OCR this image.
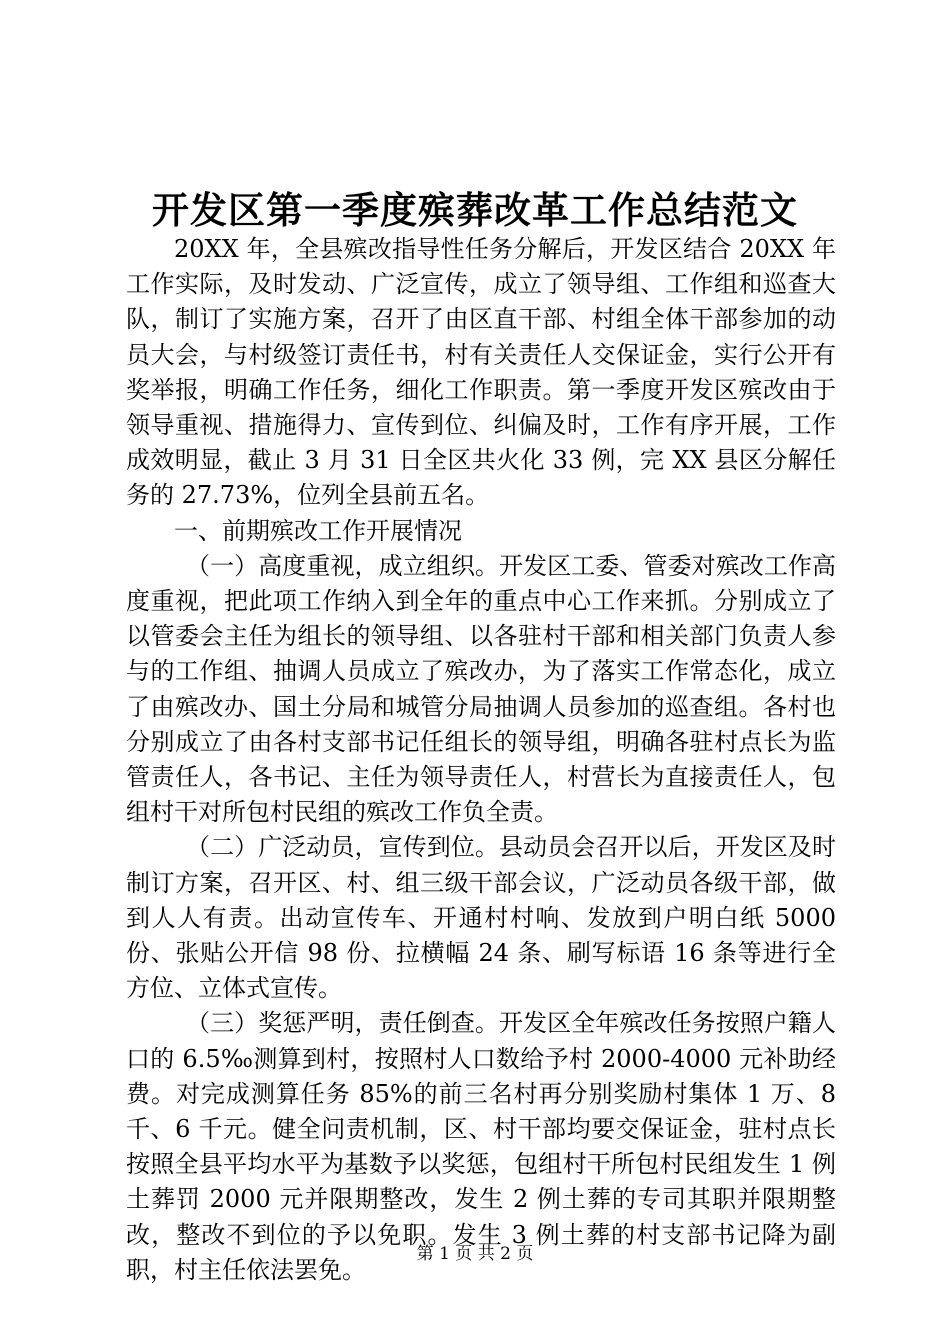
开发区第一季度殡葬改革工作总结范文

20XX 年，全县殡改指导性任务分解后，开发区结合 20XX 年工作实际，及时发动、广泛宣传，成立了领导组、工作组和巡查大队，制订了实施方案，召开了由区直干部、村组全体干部参加的动员大会，与村级签订责任书，村有关责任人交保证金，实行公开有奖举报，明确工作任务，细化工作职责。第一季度开发区殡改由于领导重视、措施得力、宣传到位、纠偏及时，工作有序开展，工作成效明显，截止 3 月 31 日全区共火化 33 例，完 XX 县区分解任务的 27.73%，位列全县前五名。

一、前期殡改工作开展情况

（一）高度重视，成立组织。开发区工委、管委对殡改工作高度重视，把此项工作纳入到全年的重点中心工作来抓。分别成立了以管委会主任为组长的领导组、以各驻村干部和相关部门负责人参与的工作组、抽调人员成立了殡改办，为了落实工作常态化，成立了由殡改办、国土分局和城管分局抽调人员参加的巡查组。各村也分别成立了由各村支部书记任组长的领导组，明确各驻村点长为监管责任人，各书记、主任为领导责任人，村营长为直接责任人，包组村干对所包村民组的殡改工作负全责。

（二）广泛动员，宣传到位。县动员会召开以后，开发区及时制订方案，召开区、村、组三级干部会议，广泛动员各级干部，做到人人有责。出动宣传车、开通村村响、发放到户明白纸 5000 份、张贴公开信 98 份、拉横幅 24 条、刷写标语 16 条等进行全方位、立体式宣传。

（三）奖惩严明，责任倒查。开发区全年殡改任务按照户籍人口的 6.5‰测算到村，按照村人口数给予村 2000-4000 元补助经费。对完成测算任务 85%的前三名村再分别奖励村集体 1 万、8 千、6 千元。健全问责机制，区、村干部均要交保证金，驻村点长按照全县平均水平为基数予以奖惩，包组村干所包村民组发生 1 例土葬罚 2000 元并限期整改，发生 2 例土葬的专司其职并限期整改，整改不到位的予以免职。发生 3 例土葬的村支部书记降为副职，村主任依法罢免。

第 1 页 共 2 页
